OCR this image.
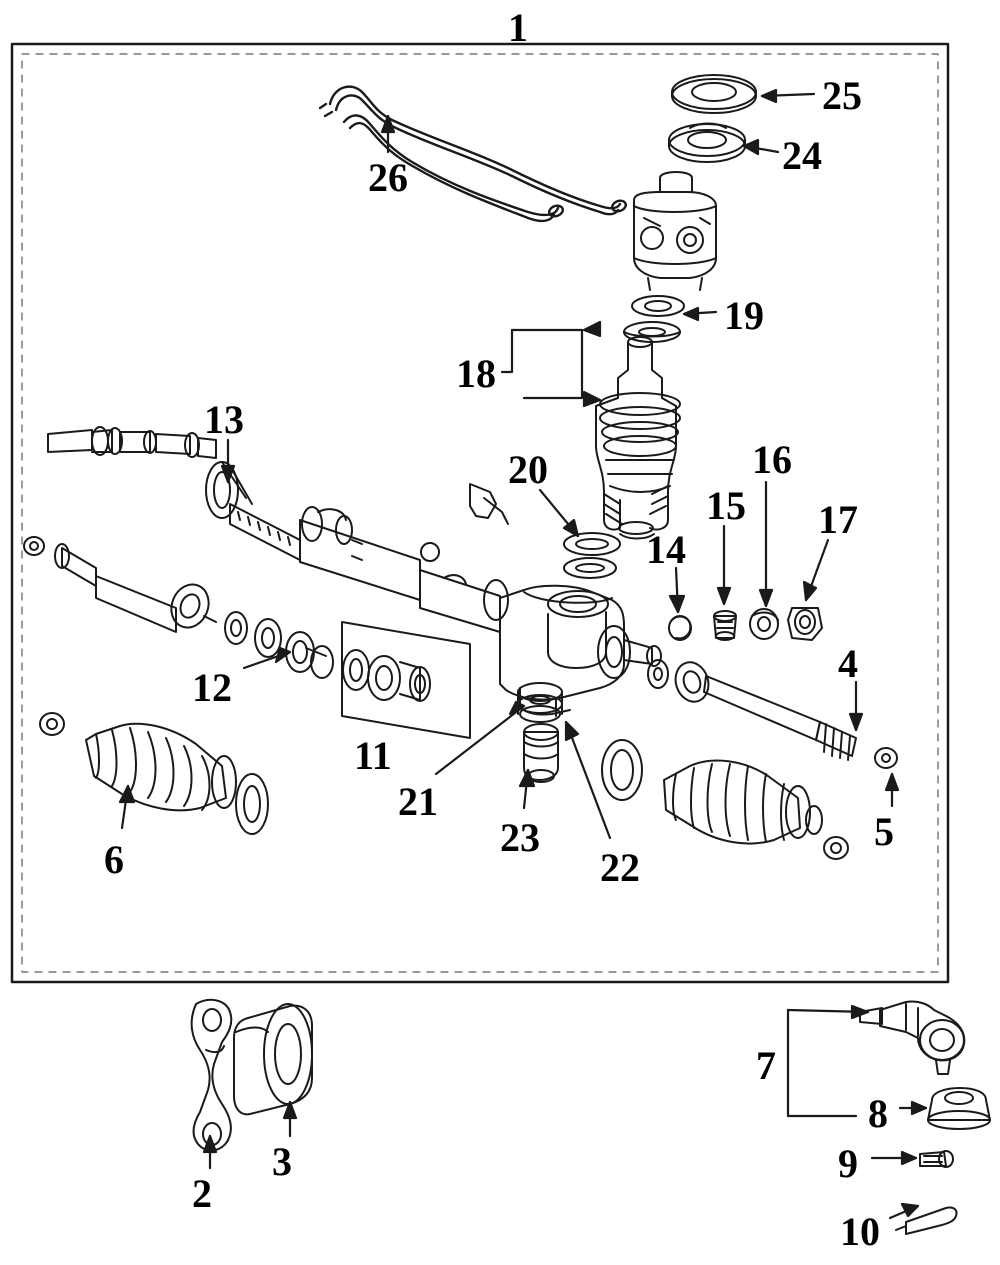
1
25
24
26
19
18
13
20	16
15 17
14
12
4
11
21
23
22
6
5
7
8
9
10
2
3
